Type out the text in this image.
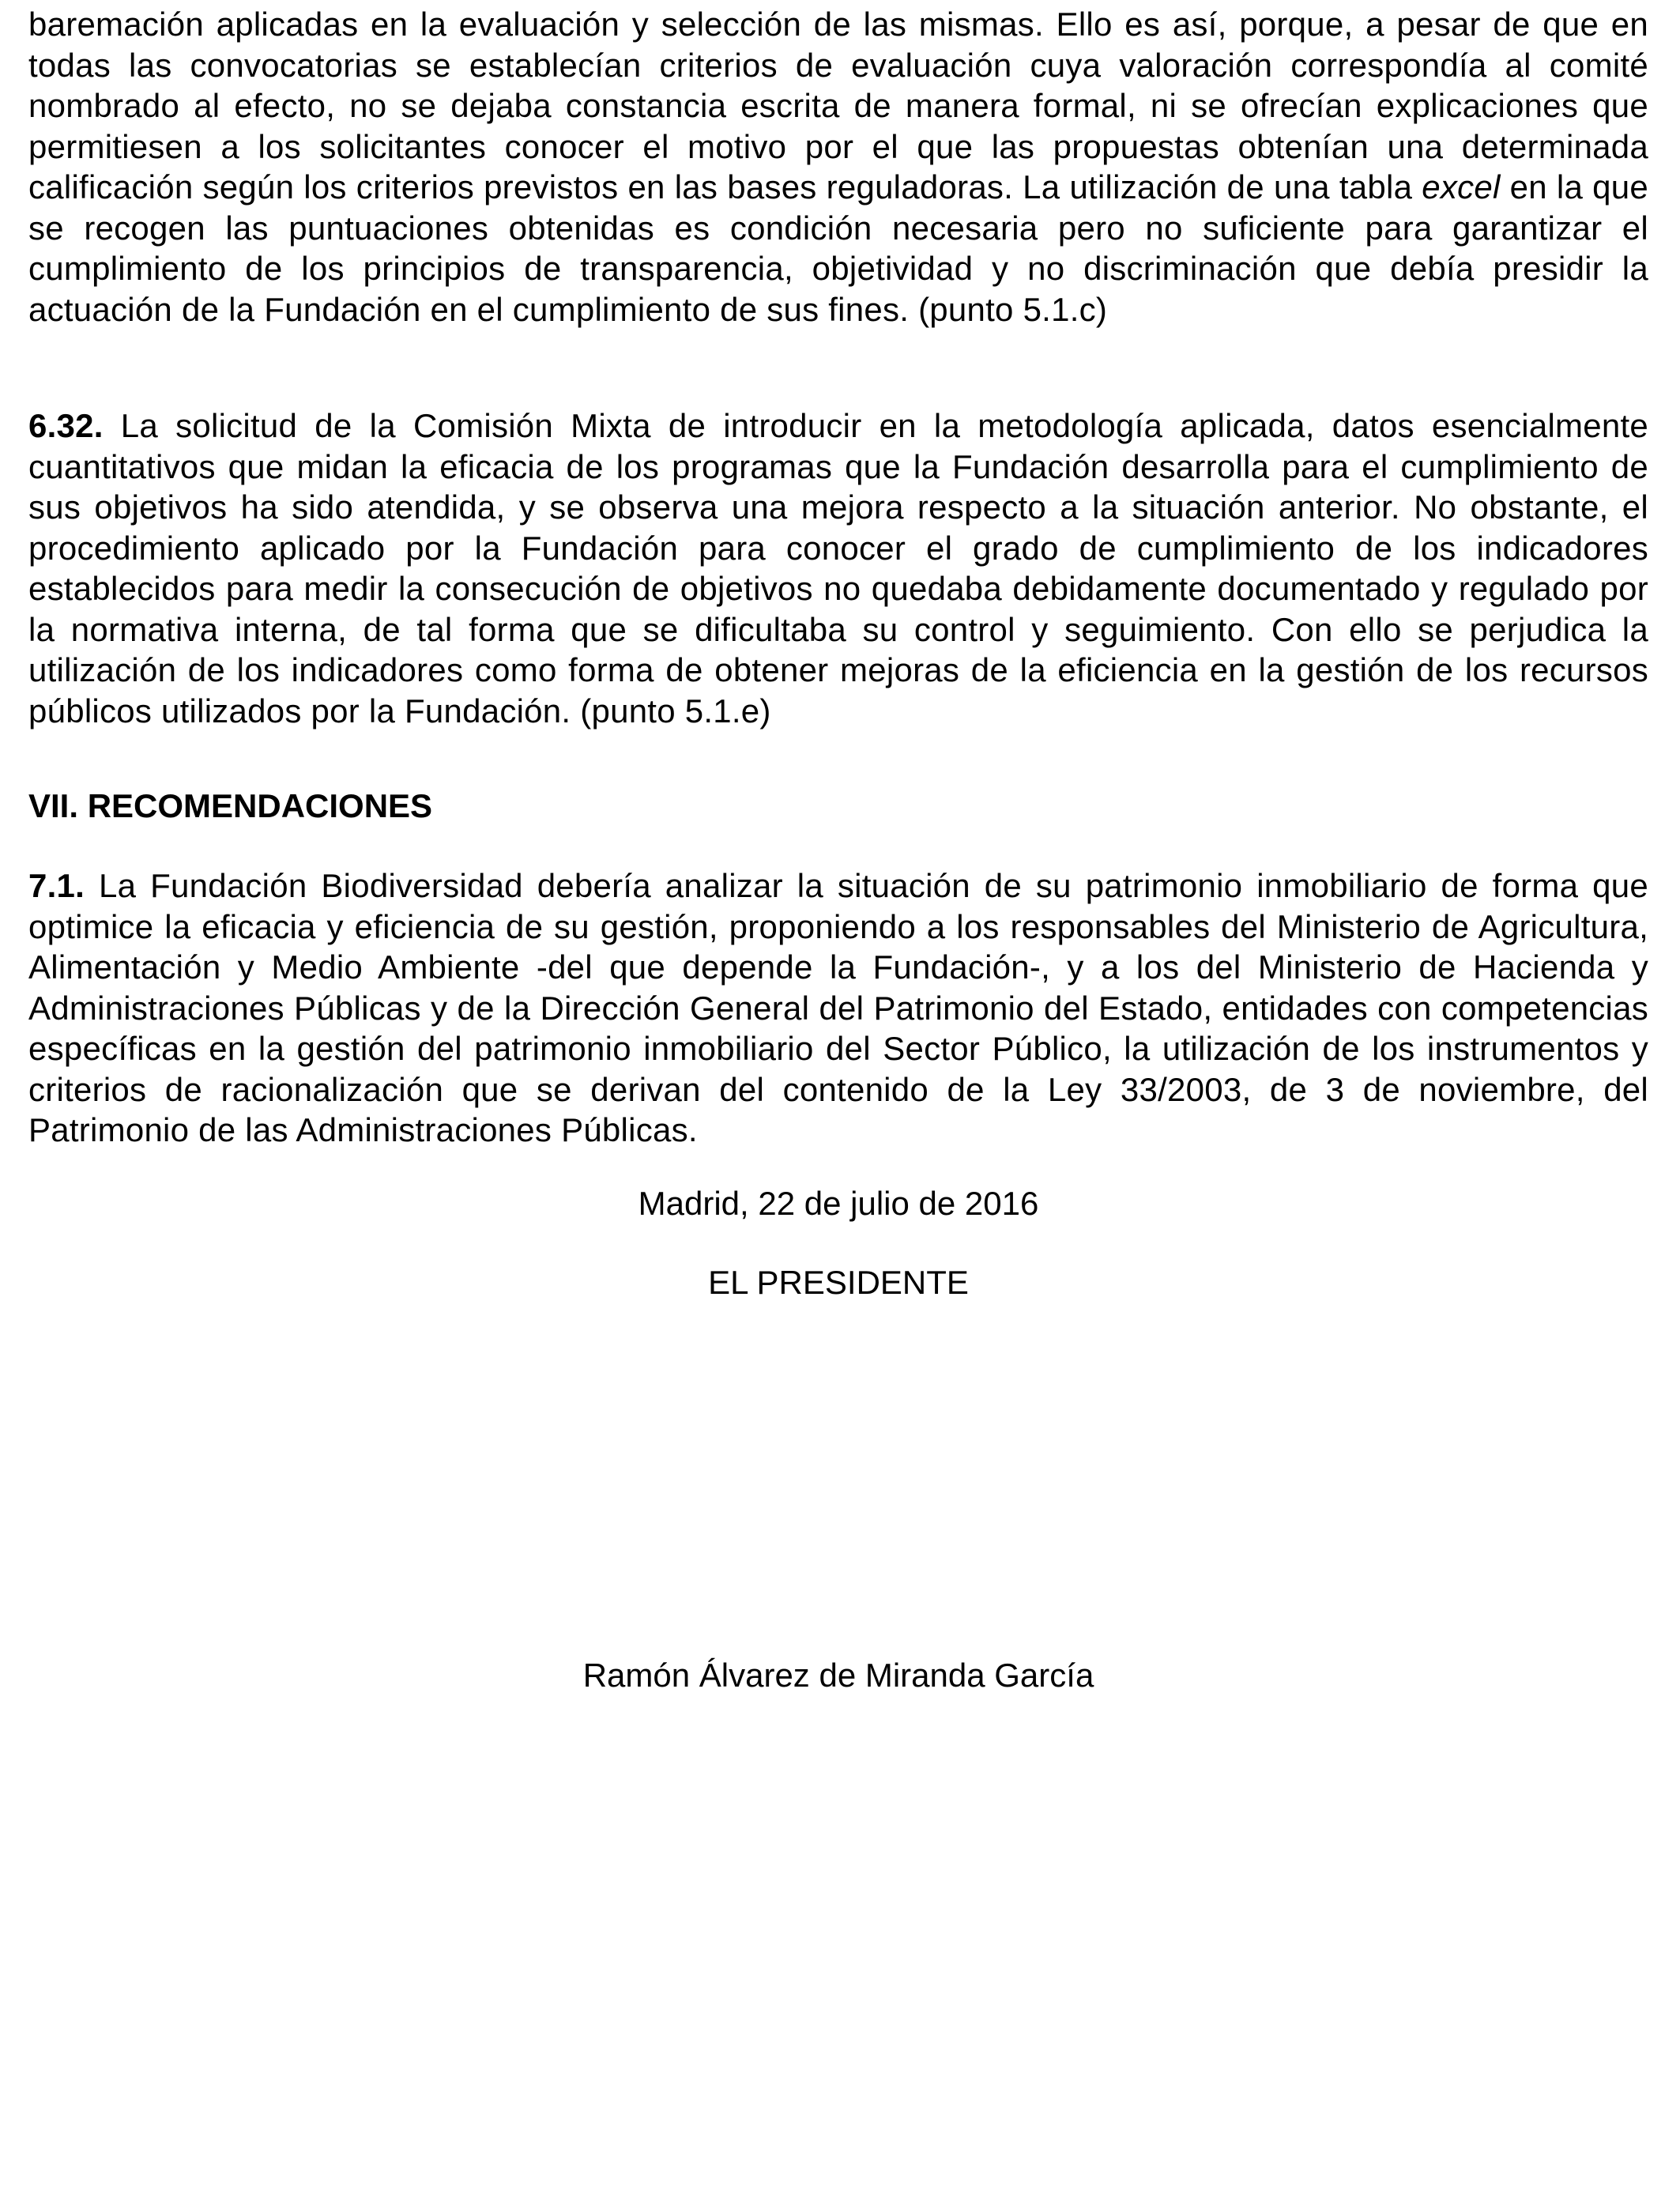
baremación aplicadas en la evaluación y selección de las mismas. Ello es así, porque, a pesar de que en todas las convocatorias se establecían criterios de evaluación cuya valoración correspondía al comité nombrado al efecto, no se dejaba constancia escrita de manera formal, ni se ofrecían explicaciones que permitiesen a los solicitantes conocer el motivo por el que las propuestas obtenían una determinada calificación según los criterios previstos en las bases reguladoras. La utilización de una tabla excel en la que se recogen las puntuaciones obtenidas es condición necesaria pero no suficiente para garantizar el cumplimiento de los principios de transparencia, objetividad y no discriminación que debía presidir la actuación de la Fundación en el cumplimiento de sus fines. (punto 5.1.c)

6.32. La solicitud de la Comisión Mixta de introducir en la metodología aplicada, datos esencialmente cuantitativos que midan la eficacia de los programas que la Fundación desarrolla para el cumplimiento de sus objetivos ha sido atendida, y se observa una mejora respecto a la situación anterior. No obstante, el procedimiento aplicado por la Fundación para conocer el grado de cumplimiento de los indicadores establecidos para medir la consecución de objetivos no quedaba debidamente documentado y regulado por la normativa interna, de tal forma que se dificultaba su control y seguimiento. Con ello se perjudica la utilización de los indicadores como forma de obtener mejoras de la eficiencia en la gestión de los recursos públicos utilizados por la Fundación. (punto 5.1.e)

VII. RECOMENDACIONES

7.1. La Fundación Biodiversidad debería analizar la situación de su patrimonio inmobiliario de forma que optimice la eficacia y eficiencia de su gestión, proponiendo a los responsables del Ministerio de Agricultura, Alimentación y Medio Ambiente -del que depende la Fundación-, y a los del Ministerio de Hacienda y Administraciones Públicas y de la Dirección General del Patrimonio del Estado, entidades con competencias específicas en la gestión del patrimonio inmobiliario del Sector Público, la utilización de los instrumentos y criterios de racionalización que se derivan del contenido de la Ley 33/2003, de 3 de noviembre, del Patrimonio de las Administraciones Públicas.

Madrid, 22 de julio de 2016

EL PRESIDENTE

Ramón Álvarez de Miranda García
